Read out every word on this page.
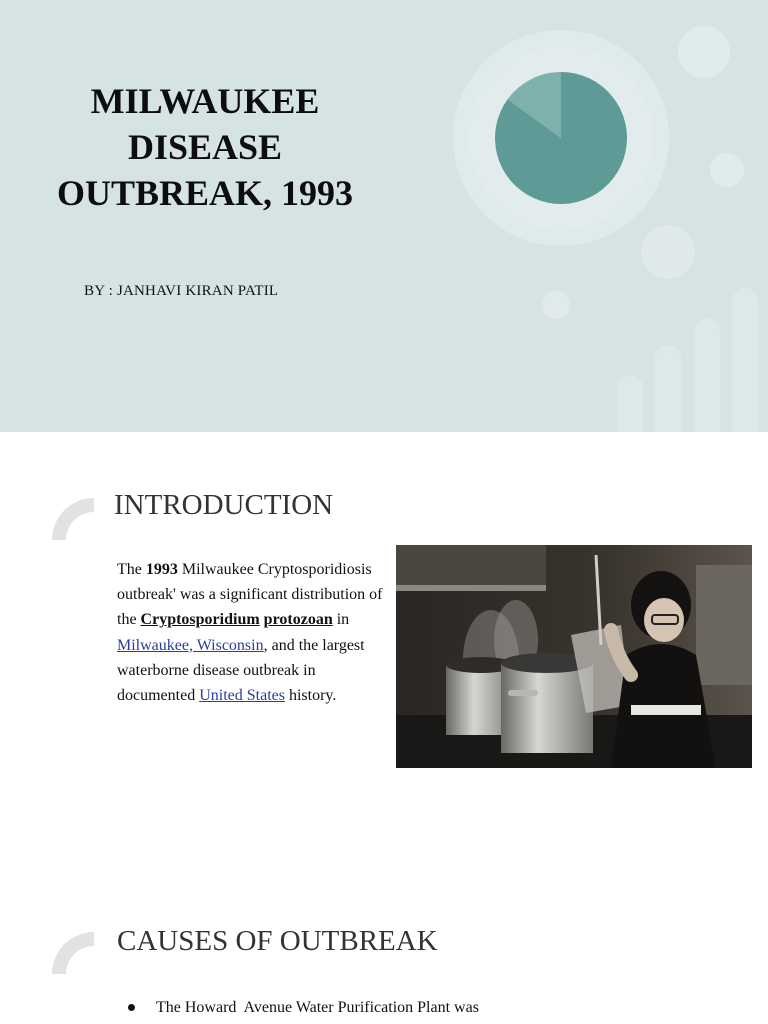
MILWAUKEE
DISEASE
OUTBREAK, 1993
BY : JANHAVI KIRAN PATIL
INTRODUCTION

The 1993 Milwaukee Cryptosporidiosis outbreak' was a significant distribution of the Cryptosporidium protozoan in Milwaukee, Wisconsin, and the largest waterborne disease outbreak in documented United States history.

CAUSES OF OUTBREAK
The Howard  Avenue Water Purification Plant was
